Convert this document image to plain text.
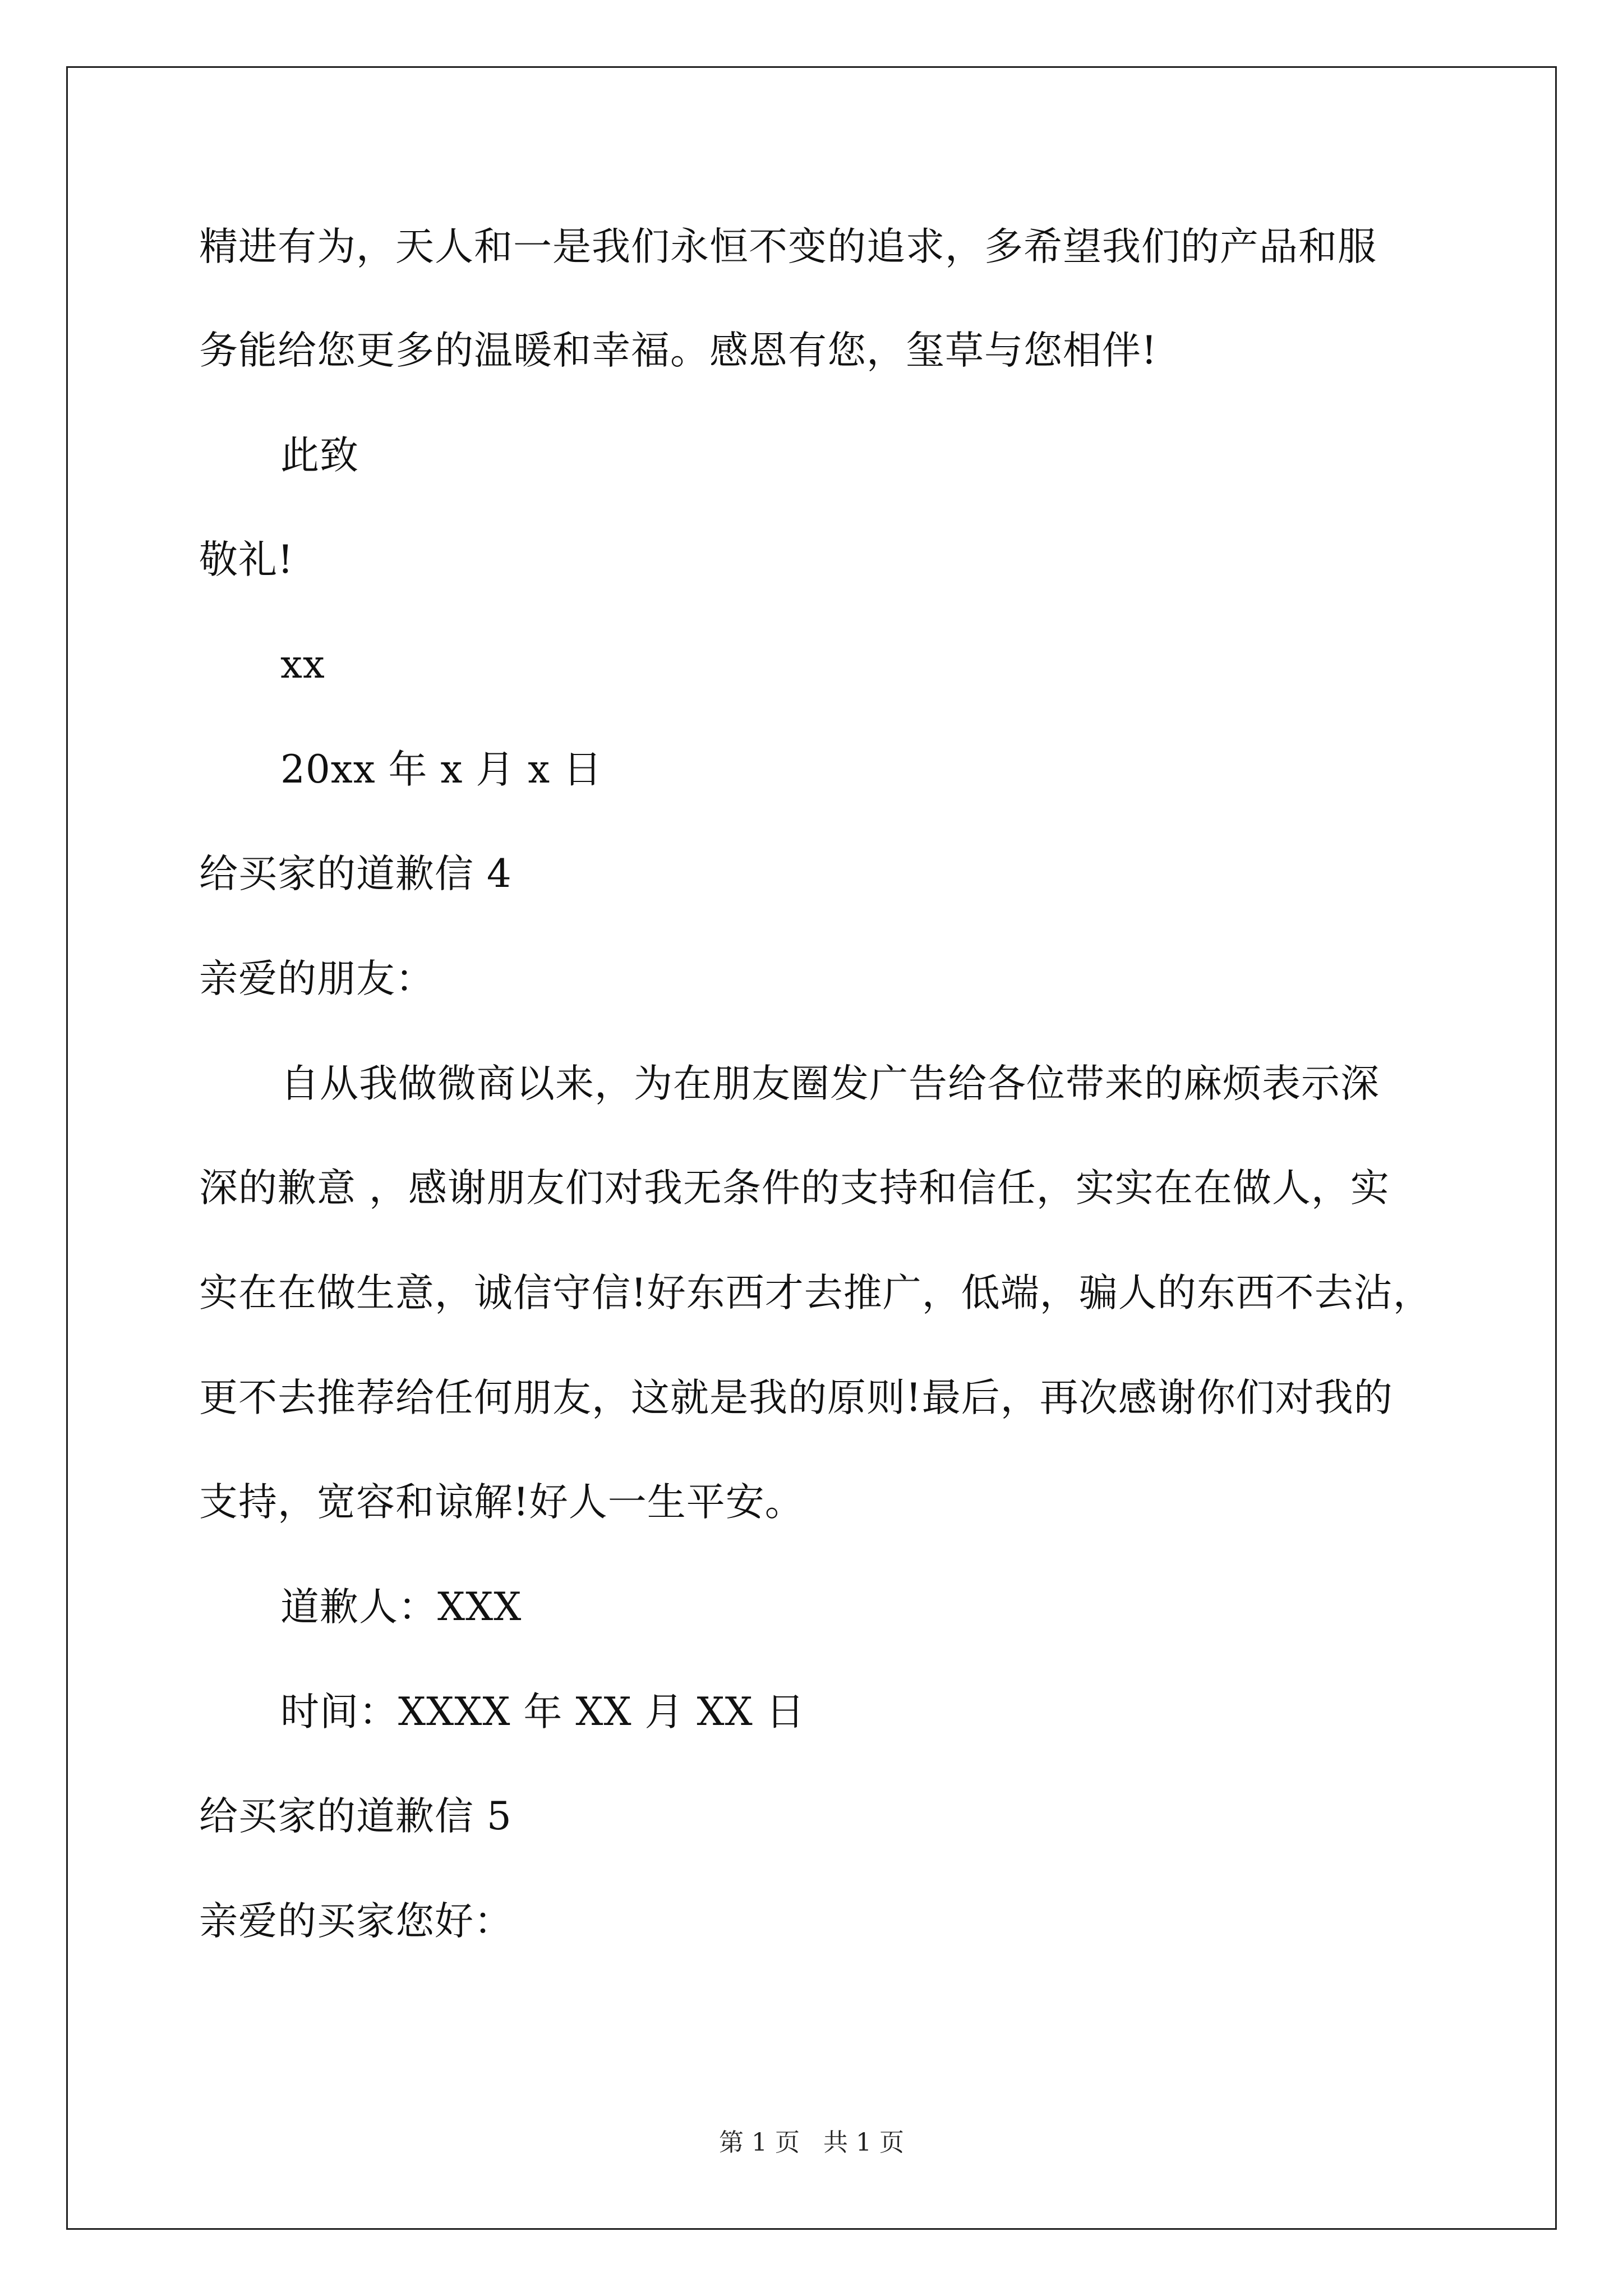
精进有为，天人和一是我们永恒不变的追求，多希望我们的产品和服
务能给您更多的温暖和幸福。感恩有您，玺草与您相伴!
此致
敬礼!
xx
20xx 年 x 月 x 日
给买家的道歉信 4
亲爱的朋友：
自从我做微商以来，为在朋友圈发广告给各位带来的麻烦表示深
深的歉意 ，感谢朋友们对我无条件的支持和信任，实实在在做人，实
实在在做生意，诚信守信!好东西才去推广，低端，骗人的东西不去沾，
更不去推荐给任何朋友，这就是我的原则!最后，再次感谢你们对我的
支持，宽容和谅解!好人一生平安。
道歉人：XXX
时间：XXXX 年 XX 月 XX 日
给买家的道歉信 5
亲爱的买家您好：
第 1 页 共 1 页
